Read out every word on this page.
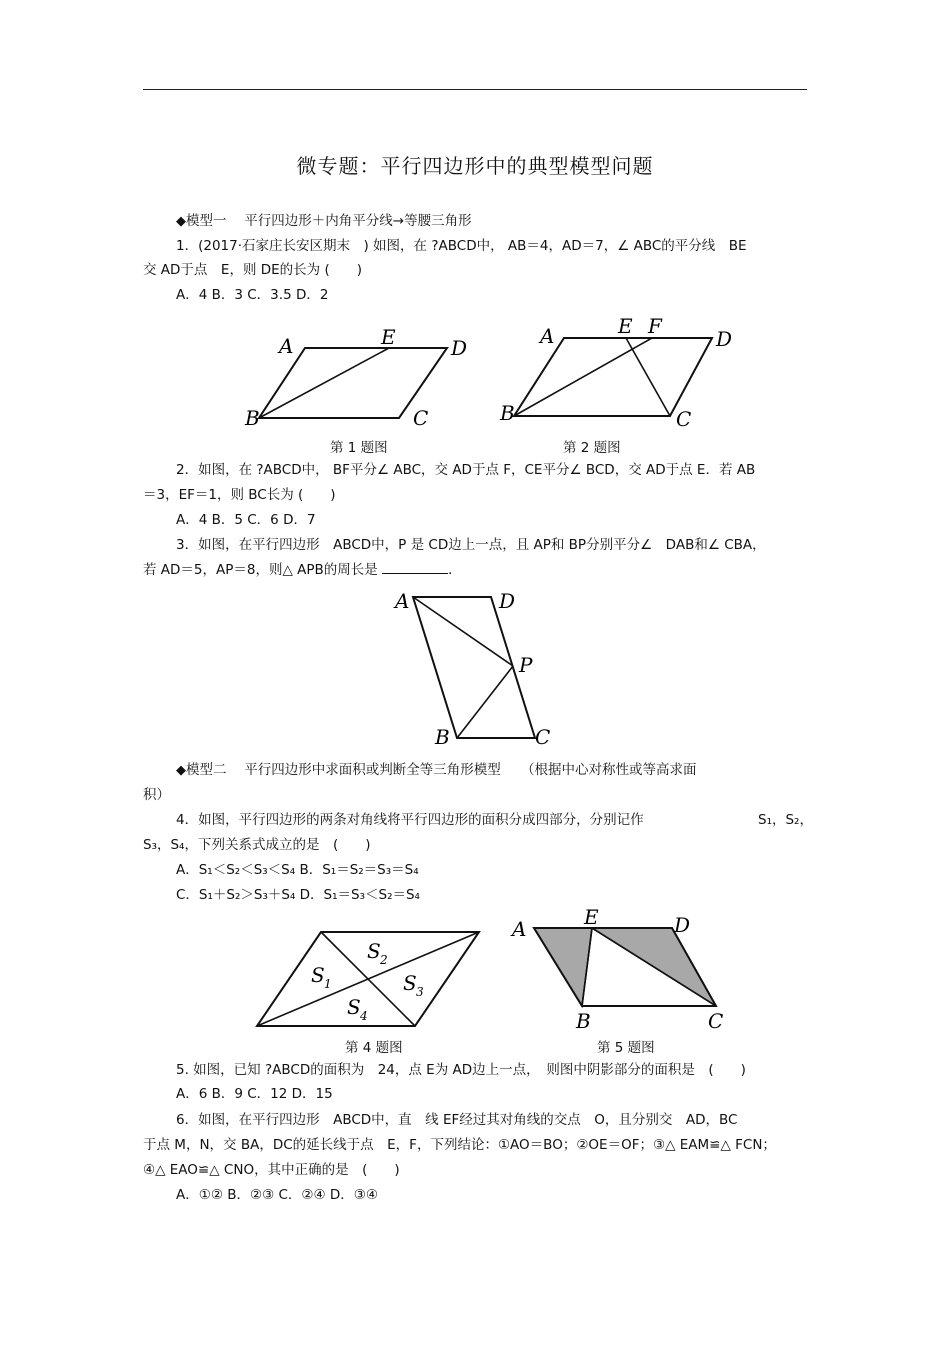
微专题：平行四边形中的典型模型问题
◆模型一　 平行四边形＋内角平分线→等腰三角形
1．(2017·石家庄长安区期末　) 如图，在 ?ABCD中， AB＝4，AD＝7，∠ ABC的平分线　BE
交 AD于点　E，则 DE的长为 (　　)
A．4 B．3 C．3.5 D．2
A	E	D
B	C
第 1 题图
A	E F
D
B	C
第 2 题图
2．如图，在 ?ABCD中， BF平分∠ ABC，交 AD于点 F，CE平分∠ BCD，交 AD于点 E．若 AB
＝3，EF＝1，则 BC长为 (　　)
A．4 B．5 C．6 D．7
3．如图，在平行四边形　ABCD中，P 是 CD边上一点，且 AP和 BP分别平分∠　DAB和∠ CBA，
若 AD＝5，AP＝8，则△ APB的周长是	．
A	D
P
B	C
◆模型二　 平行四边形中求面积或判断全等三角形模型　　（根据中心对称性或等高求面
积）
4．如图，平行四边形的两条对角线将平行四边形的面积分成四部分，分别记作	S₁，S₂，
S₃，S₄，下列关系式成立的是　(　　)
A．S₁＜S₂＜S₃＜S₄ B．S₁＝S₂＝S₃＝S₄
C．S₁＋S₂＞S₃＋S₄ D．S₁＝S₃＜S₂＝S₄
S 1
S 2
S 3
S 4
第 4 题图
A	E	D
B	C
第 5 题图
5. 如图，已知 ?ABCD的面积为　24，点 E为 AD边上一点，　则图中阴影部分的面积是　(　　)
A．6 B．9 C．12 D．15
6．如图，在平行四边形　ABCD中，直　线 EF经过其对角线的交点　O，且分别交　AD，BC
于点 M，N，交 BA，DC的延长线于点　E，F，下列结论：①AO＝BO；②OE＝OF；③△ EAM≌△ FCN；
④△ EAO≌△ CNO，其中正确的是　(　　)
A．①② B．②③ C．②④ D．③④
